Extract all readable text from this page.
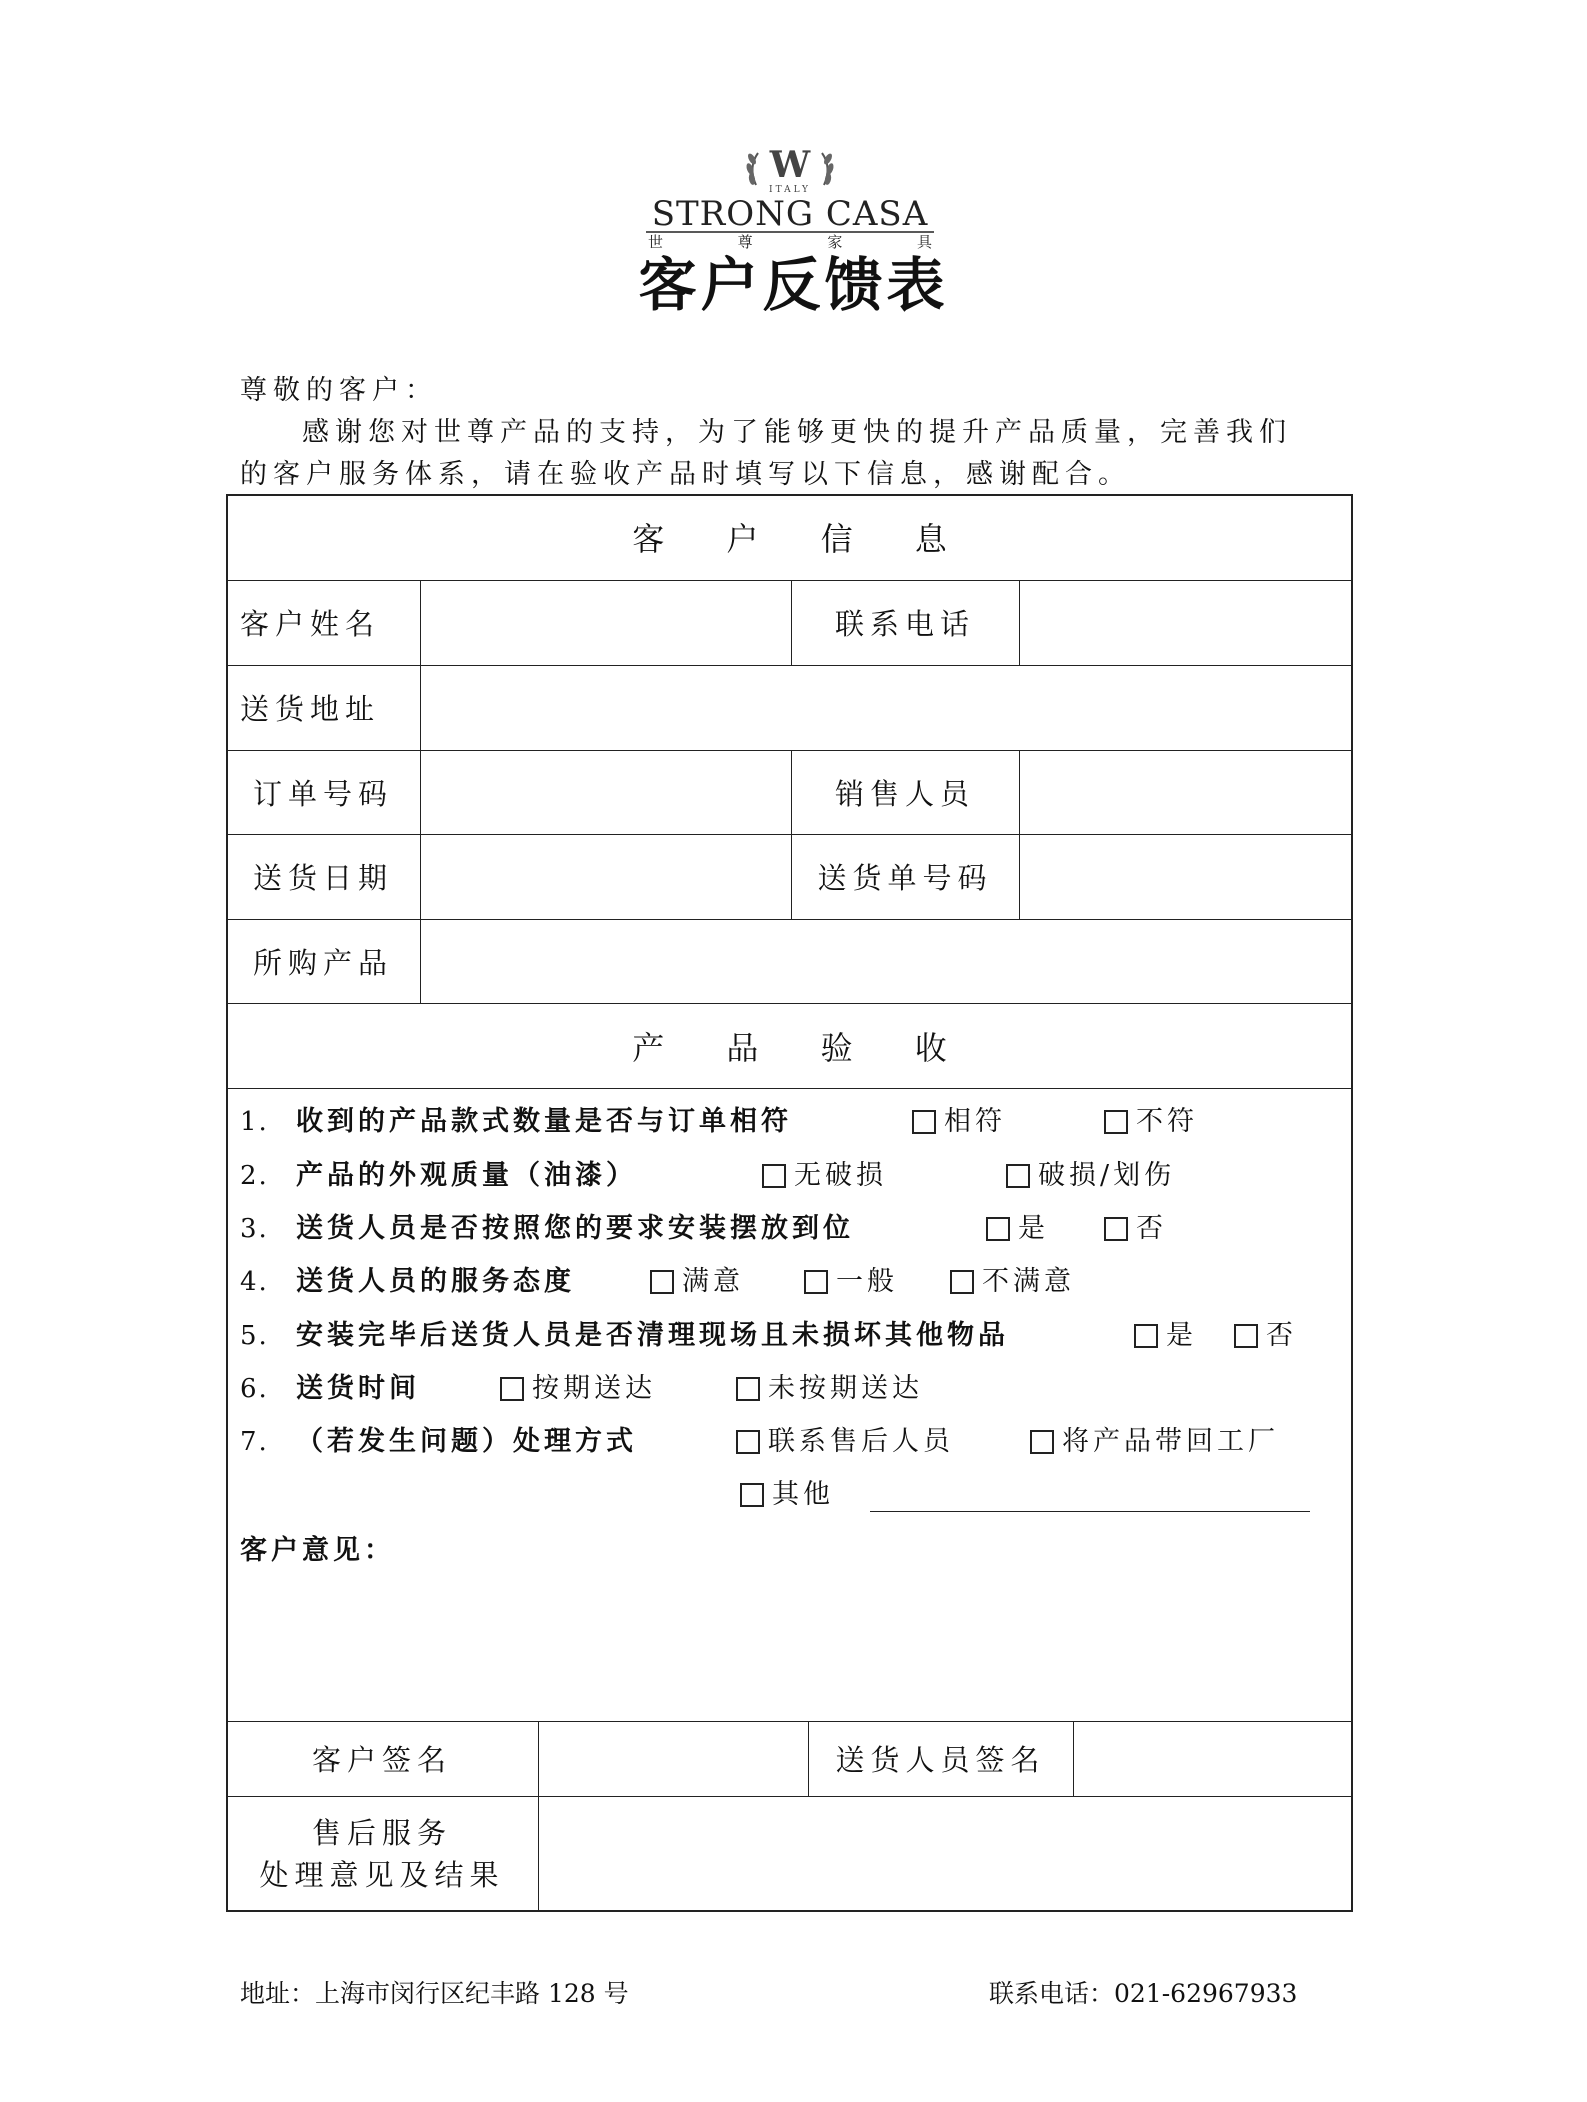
W
ITALY
STRONG CASA
世	尊	家	具
客户反馈表
尊敬的客户：
感谢您对世尊产品的支持，为了能够更快的提升产品质量，完善我们
的客户服务体系，请在验收产品时填写以下信息，感谢配合。
客 户 信 息
客户姓名	联系电话
送货地址
订单号码	销售人员
送货日期	送货单号码
所购产品
产 品 验 收
1. 收到的产品款式数量是否与订单相符	相符	不符
2. 产品的外观质量（油漆）	无破损	破损/划伤
3. 送货人员是否按照您的要求安装摆放到位	是	否
4. 送货人员的服务态度	满意	一般	不满意
5. 安装完毕后送货人员是否清理现场且未损坏其他物品	是	否
6. 送货时间	按期送达	未按期送达
7. （若发生问题）处理方式	联系售后人员	将产品带回工厂
其他
客户意见：
客户签名	送货人员签名
售后服务
处理意见及结果
地址：上海市闵行区纪丰路 128 号	联系电话：021-62967933
